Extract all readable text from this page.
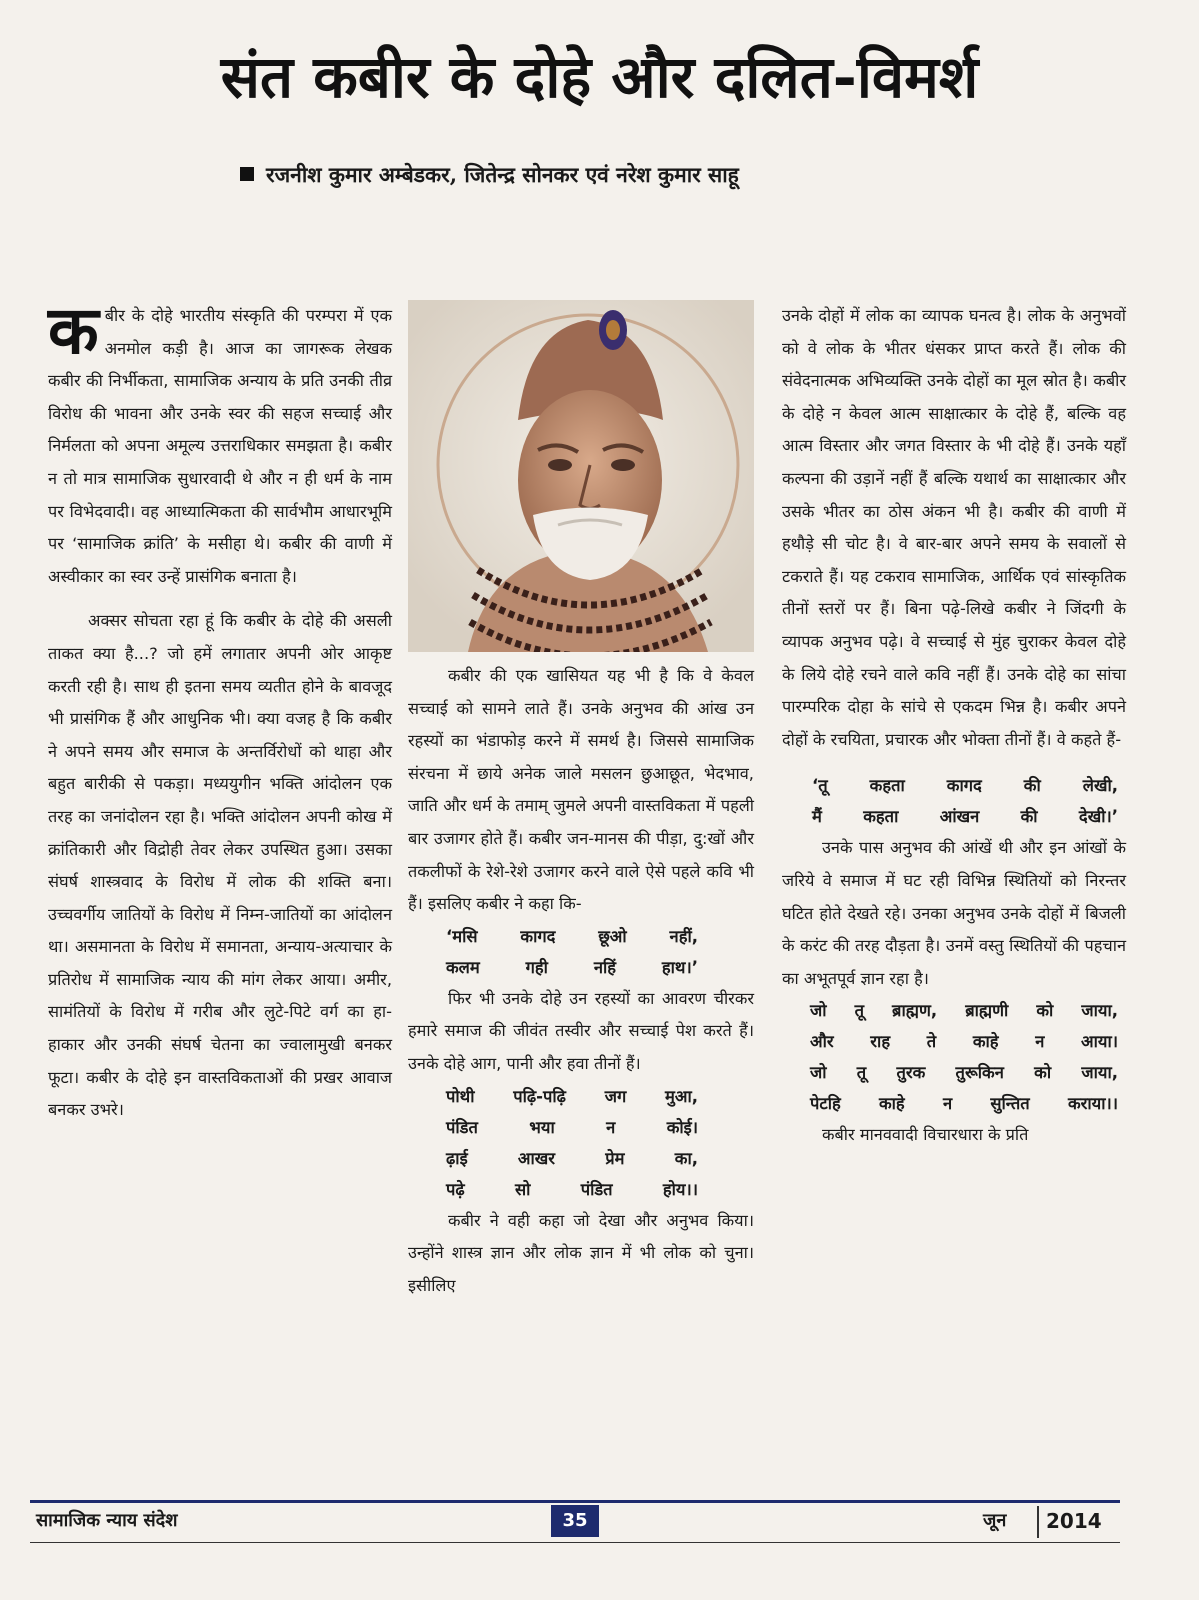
संत कबीर के दोहे और दलित-विमर्श
रजनीश कुमार अम्बेडकर, जितेन्द्र सोनकर एवं नरेश कुमार साहू

कबीर के दोहे भारतीय संस्कृति की परम्परा में एक अनमोल कड़ी है। आज का जागरूक लेखक कबीर की निर्भीकता, सामाजिक अन्याय के प्रति उनकी तीव्र विरोध की भावना और उनके स्वर की सहज सच्चाई और निर्मलता को अपना अमूल्य उत्तराधिकार समझता है। कबीर न तो मात्र सामाजिक सुधारवादी थे और न ही धर्म के नाम पर विभेदवादी। वह आध्यात्मिकता की सार्वभौम आधारभूमि पर ‘सामाजिक क्रांति’ के मसीहा थे। कबीर की वाणी में अस्वीकार का स्वर उन्हें प्रासंगिक बनाता है।

अक्सर सोचता रहा हूं कि कबीर के दोहे की असली ताकत क्या है...? जो हमें लगातार अपनी ओर आकृष्ट करती रही है। साथ ही इतना समय व्यतीत होने के बावजूद भी प्रासंगिक हैं और आधुनिक भी। क्या वजह है कि कबीर ने अपने समय और समाज के अन्तर्विरोधों को थाहा और बहुत बारीकी से पकड़ा। मध्ययुगीन भक्ति आंदोलन एक तरह का जनांदोलन रहा है। भक्ति आंदोलन अपनी कोख में क्रांतिकारी और विद्रोही तेवर लेकर उपस्थित हुआ। उसका संघर्ष शास्त्रवाद के विरोध में लोक की शक्ति बना। उच्चवर्गीय जातियों के विरोध में निम्न-जातियों का आंदोलन था। असमानता के विरोध में समानता, अन्याय-अत्याचार के प्रतिरोध में सामाजिक न्याय की मांग लेकर आया। अमीर, सामंतियों के विरोध में गरीब और लुटे-पिटे वर्ग का हा-हाकार और उनकी संघर्ष चेतना का ज्वालामुखी बनकर फूटा। कबीर के दोहे इन वास्तविकताओं की प्रखर आवाज बनकर उभरे।

कबीर की एक खासियत यह भी है कि वे केवल सच्चाई को सामने लाते हैं। उनके अनुभव की आंख उन रहस्यों का भंडाफोड़ करने में समर्थ है। जिससे सामाजिक संरचना में छाये अनेक जाले मसलन छुआछूत, भेदभाव, जाति और धर्म के तमाम् जुमले अपनी वास्तविकता में पहली बार उजागर होते हैं। कबीर जन-मानस की पीड़ा, दु:खों और तकलीफों के रेशे-रेशे उजागर करने वाले ऐसे पहले कवि भी हैं। इसलिए कबीर ने कहा कि-

‘मसि कागद छूओ नहीं,
कलम गही नहिं हाथ।’

फिर भी उनके दोहे उन रहस्यों का आवरण चीरकर हमारे समाज की जीवंत तस्वीर और सच्चाई पेश करते हैं। उनके दोहे आग, पानी और हवा तीनों हैं।

पोथी पढ़ि-पढ़ि जग मुआ,
पंडित भया न कोई।
ढ़ाई आखर प्रेम का,
पढ़े सो पंडित होय।।

कबीर ने वही कहा जो देखा और अनुभव किया। उन्होंने शास्त्र ज्ञान और लोक ज्ञान में भी लोक को चुना। इसीलिए

उनके दोहों में लोक का व्यापक घनत्व है। लोक के अनुभवों को वे लोक के भीतर धंसकर प्राप्त करते हैं। लोक की संवेदनात्मक अभिव्यक्ति उनके दोहों का मूल स्रोत है। कबीर के दोहे न केवल आत्म साक्षात्कार के दोहे हैं, बल्कि वह आत्म विस्तार और जगत विस्तार के भी दोहे हैं। उनके यहाँ कल्पना की उड़ानें नहीं हैं बल्कि यथार्थ का साक्षात्कार और उसके भीतर का ठोस अंकन भी है। कबीर की वाणी में हथौड़े सी चोट है। वे बार-बार अपने समय के सवालों से टकराते हैं। यह टकराव सामाजिक, आर्थिक एवं सांस्कृतिक तीनों स्तरों पर हैं। बिना पढ़े-लिखे कबीर ने जिंदगी के व्यापक अनुभव पढ़े। वे सच्चाई से मुंह चुराकर केवल दोहे के लिये दोहे रचने वाले कवि नहीं हैं। उनके दोहे का सांचा पारम्परिक दोहा के सांचे से एकदम भिन्न है। कबीर अपने दोहों के रचयिता, प्रचारक और भोक्ता तीनों हैं। वे कहते हैं-

‘तू कहता कागद की लेखी,
मैं कहता आंखन की देखी।’

उनके पास अनुभव की आंखें थी और इन आंखों के जरिये वे समाज में घट रही विभिन्न स्थितियों को निरन्तर घटित होते देखते रहे। उनका अनुभव उनके दोहों में बिजली के करंट की तरह दौड़ता है। उनमें वस्तु स्थितियों की पहचान का अभूतपूर्व ज्ञान रहा है।

जो तू ब्राह्मण, ब्राह्मणी को जाया,
और राह ते काहे न आया।
जो तू तुरक तुरूकिन को जाया,
पेटहि काहे न सुन्तित कराया।।

कबीर मानववादी विचारधारा के प्रति

सामाजिक न्याय संदेश	35	जून 2014
